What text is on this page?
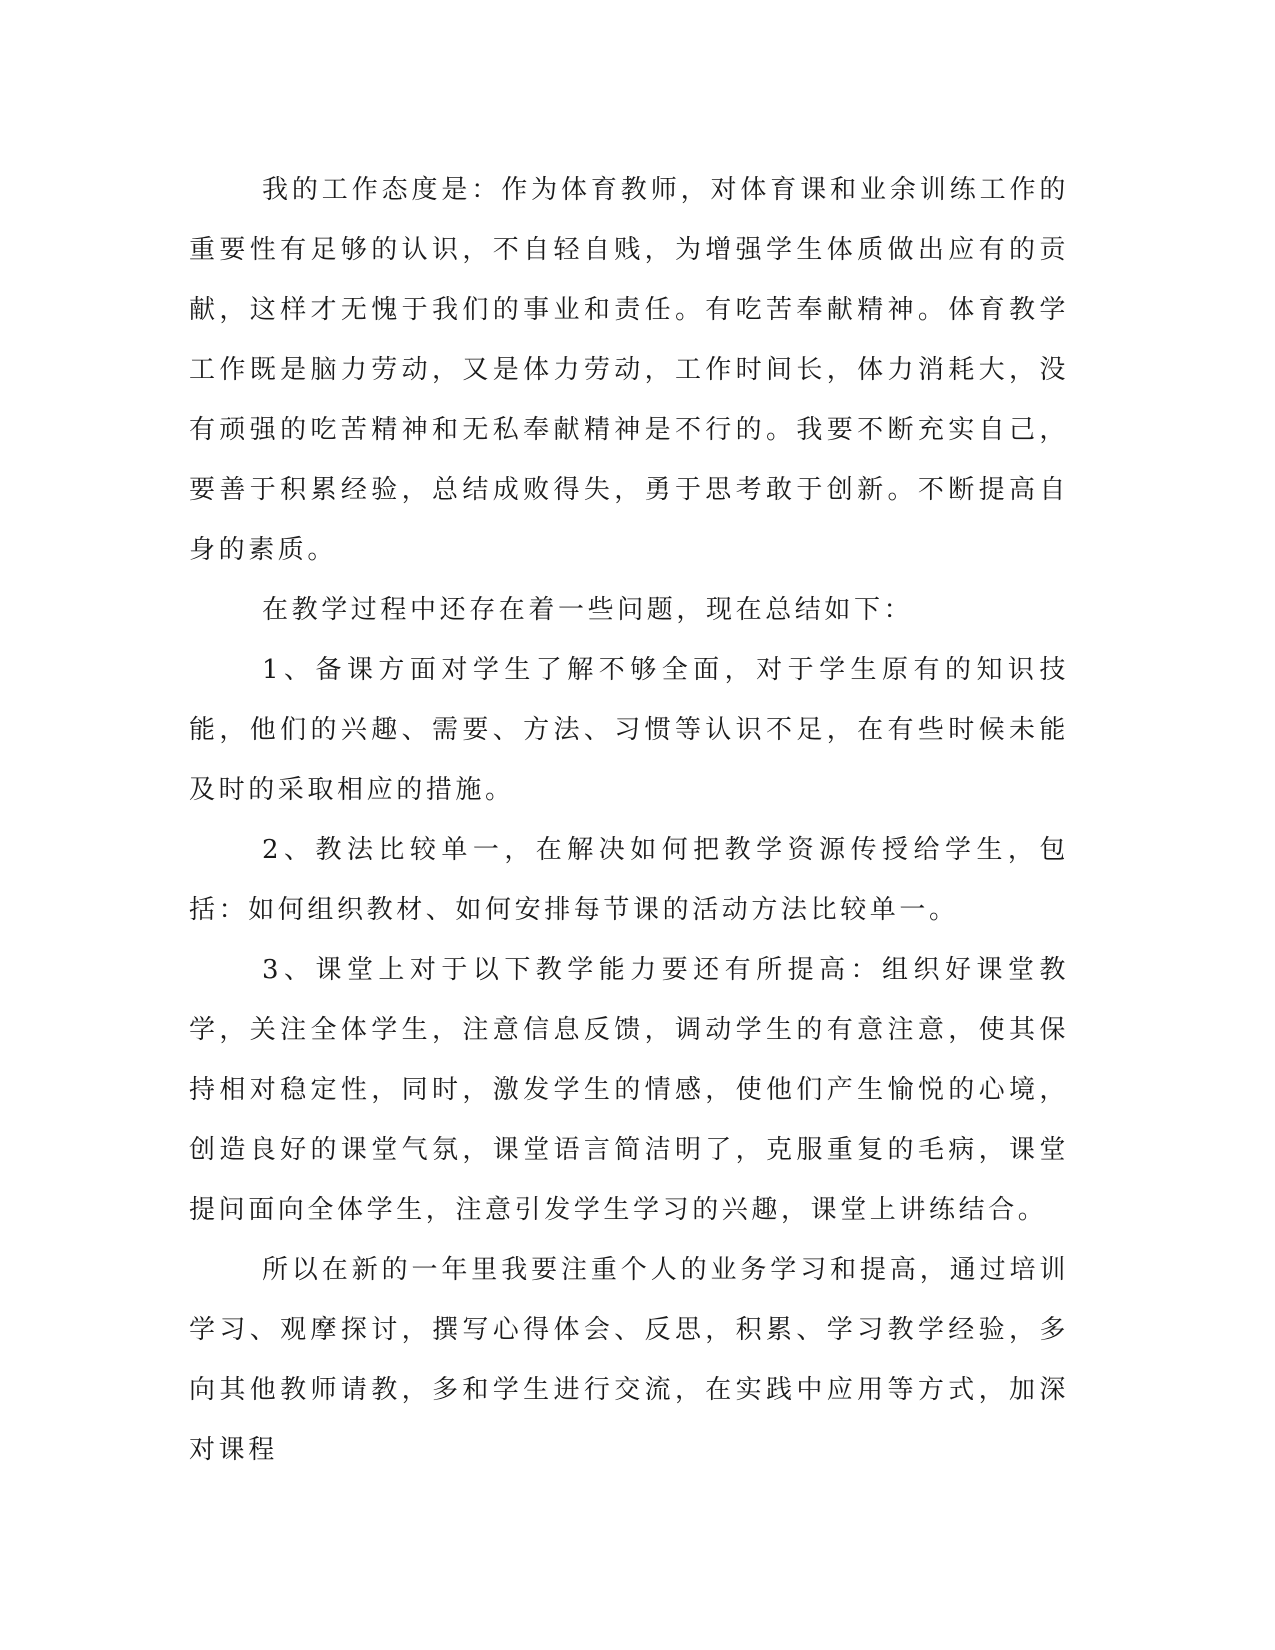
我的工作态度是：作为体育教师，对体育课和业余训练工作的重要性有足够的认识，不自轻自贱，为增强学生体质做出应有的贡献，这样才无愧于我们的事业和责任。有吃苦奉献精神。体育教学工作既是脑力劳动，又是体力劳动，工作时间长，体力消耗大，没有顽强的吃苦精神和无私奉献精神是不行的。我要不断充实自己，要善于积累经验，总结成败得失，勇于思考敢于创新。不断提高自身的素质。

在教学过程中还存在着一些问题，现在总结如下：

1、备课方面对学生了解不够全面，对于学生原有的知识技能，他们的兴趣、需要、方法、习惯等认识不足，在有些时候未能及时的采取相应的措施。

2、教法比较单一，在解决如何把教学资源传授给学生，包括：如何组织教材、如何安排每节课的活动方法比较单一。

3、课堂上对于以下教学能力要还有所提高：组织好课堂教学，关注全体学生，注意信息反馈，调动学生的有意注意，使其保持相对稳定性，同时，激发学生的情感，使他们产生愉悦的心境，创造良好的课堂气氛，课堂语言简洁明了，克服重复的毛病，课堂提问面向全体学生，注意引发学生学习的兴趣，课堂上讲练结合。

所以在新的一年里我要注重个人的业务学习和提高，通过培训学习、观摩探讨，撰写心得体会、反思，积累、学习教学经验，多向其他教师请教，多和学生进行交流，在实践中应用等方式，加深对课程
